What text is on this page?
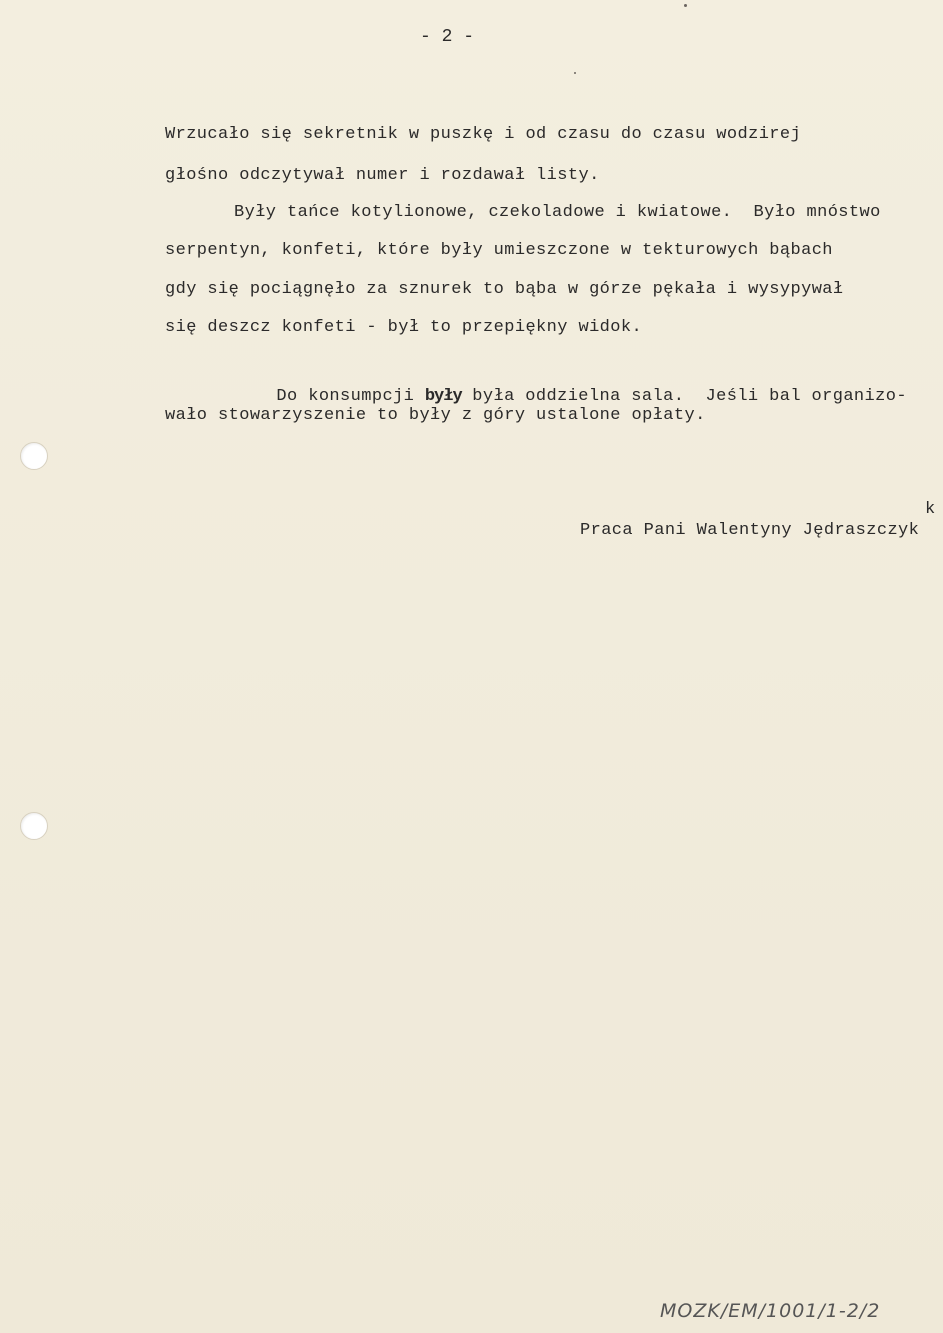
- 2 -
Wrzucało się sekretnik w puszkę i od czasu do czasu wodzirej
głośno odczytywał numer i rozdawał listy.
Były tańce kotylionowe, czekoladowe i kwiatowe.  Było mnóstwo
serpentyn, konfeti, które były umieszczone w tekturowych bąbach
gdy się pociągnęło za sznurek to bąba w górze pękała i wysypywał
się deszcz konfeti - był to przepiękny widok.

Do konsumpcji były była oddzielna sala.  Jeśli bal organizo-

wało stowarzyszenie to były z góry ustalone opłaty.
k
Praca Pani Walentyny Jędraszczyk
MOZK/EM/1001/1-2/2
